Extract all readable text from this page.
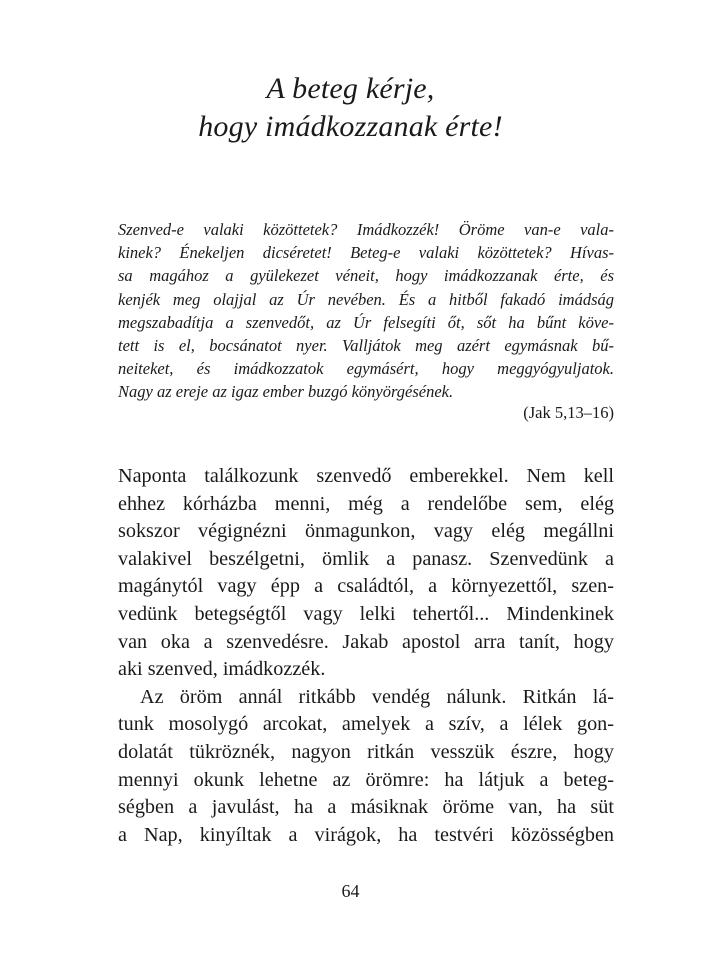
A beteg kérje,
hogy imádkozzanak érte!
Szenved-e valaki közöttetek? Imádkozzék! Öröme van-e vala-
kinek? Énekeljen dicséretet! Beteg-e valaki közöttetek? Hívas-
sa magához a gyülekezet véneit, hogy imádkozzanak érte, és
kenjék meg olajjal az Úr nevében. És a hitből fakadó imádság
megszabadítja a szenvedőt, az Úr felsegíti őt, sőt ha bűnt köve-
tett is el, bocsánatot nyer. Valljátok meg azért egymásnak bű-
neiteket, és imádkozzatok egymásért, hogy meggyógyuljatok.
Nagy az ereje az igaz ember buzgó könyörgésének.
(Jak 5,13–16)
Naponta találkozunk szenvedő emberekkel. Nem kell
ehhez kórházba menni, még a rendelőbe sem, elég
sokszor végignézni önmagunkon, vagy elég megállni
valakivel beszélgetni, ömlik a panasz. Szenvedünk a
magánytól vagy épp a családtól, a környezettől, szen-
vedünk betegségtől vagy lelki tehertől... Mindenkinek
van oka a szenvedésre. Jakab apostol arra tanít, hogy
aki szenved, imádkozzék.
Az öröm annál ritkább vendég nálunk. Ritkán lá-
tunk mosolygó arcokat, amelyek a szív, a lélek gon-
dolatát tükröznék, nagyon ritkán vesszük észre, hogy
mennyi okunk lehetne az örömre: ha látjuk a beteg-
ségben a javulást, ha a másiknak öröme van, ha süt
a Nap, kinyíltak a virágok, ha testvéri közösségben
64
